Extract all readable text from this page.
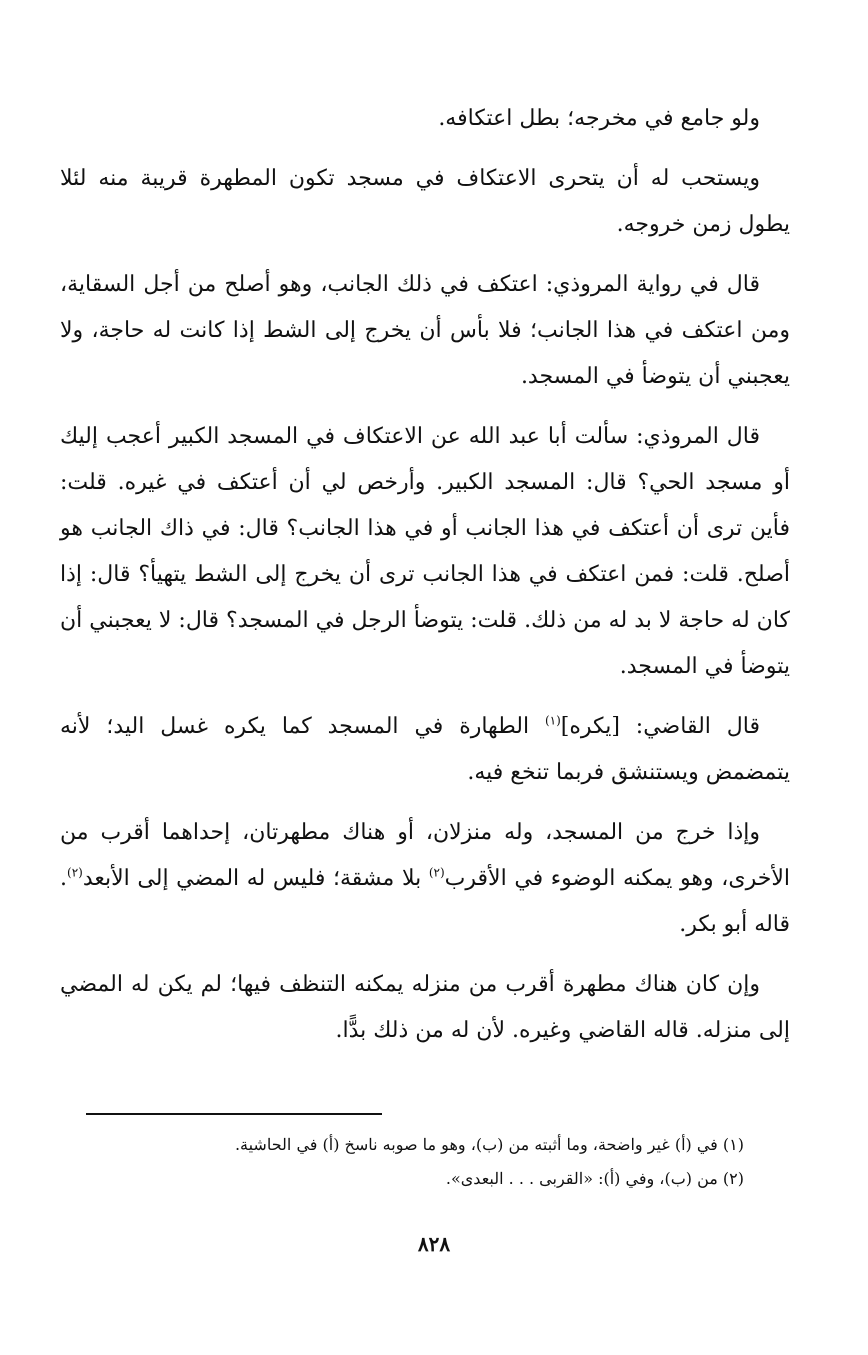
ولو جامع في مخرجه؛ بطل اعتكافه.

ويستحب له أن يتحرى الاعتكاف في مسجد تكون المطهرة قريبة منه لئلا يطول زمن خروجه.

قال في رواية المروذي: اعتكف في ذلك الجانب، وهو أصلح من أجل السقاية، ومن اعتكف في هذا الجانب؛ فلا بأس أن يخرج إلى الشط إذا كانت له حاجة، ولا يعجبني أن يتوضأ في المسجد.

قال المروذي: سألت أبا عبد الله عن الاعتكاف في المسجد الكبير أعجب إليك أو مسجد الحي؟ قال: المسجد الكبير. وأرخص لي أن أعتكف في غيره. قلت: فأين ترى أن أعتكف في هذا الجانب أو في هذا الجانب؟ قال: في ذاك الجانب هو أصلح. قلت: فمن اعتكف في هذا الجانب ترى أن يخرج إلى الشط يتهيأ؟ قال: إذا كان له حاجة لا بد له من ذلك. قلت: يتوضأ الرجل في المسجد؟ قال: لا يعجبني أن يتوضأ في المسجد.

قال القاضي: [يكره]$^{(١)}$ الطهارة في المسجد كما يكره غسل اليد؛ لأنه يتمضمض ويستنشق فربما تنخع فيه.

وإذا خرج من المسجد، وله منزلان، أو هناك مطهرتان، إحداهما أقرب من الأخرى، وهو يمكنه الوضوء في الأقرب$^{(٢)}$ بلا مشقة؛ فليس له المضي إلى الأبعد$^{(٢)}$. قاله أبو بكر.

وإن كان هناك مطهرة أقرب من منزله يمكنه التنظف فيها؛ لم يكن له المضي إلى منزله. قاله القاضي وغيره. لأن له من ذلك بدًّا.

(١) في (أ) غير واضحة، وما أثبته من (ب)، وهو ما صوبه ناسخ (أ) في الحاشية.

(٢) من (ب)، وفي (أ): «القربى . . . البعدى».

٨٢٨
